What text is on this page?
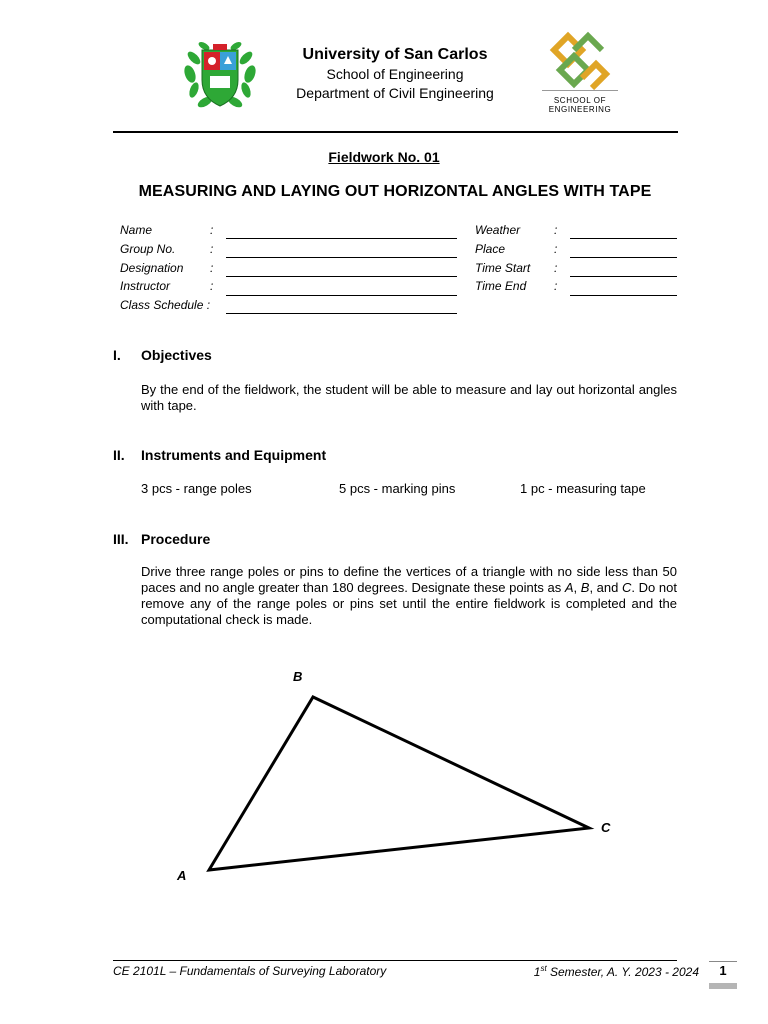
University of San Carlos
School of Engineering
Department of Civil Engineering	SCHOOL OF
ENGINEERING
Fieldwork No. 01
MEASURING AND LAYING OUT HORIZONTAL ANGLES WITH TAPE
Name	:
Group No.	:
Designation :
Instructor	:
Class Schedule :
Weather	:
Place	:
Time Start :
Time End :
I. Objectives
By the end of the fieldwork, the student will be able to measure and lay out horizontal angles with tape.
II. Instruments and Equipment
3 pcs - range poles	5 pcs - marking pins	1 pc - measuring tape
III. Procedure
Drive three range poles or pins to define the vertices of a triangle with no side less than 50 paces and no angle greater than 180 degrees. Designate these points as A, B, and C. Do not remove any of the range poles or pins set until the entire fieldwork is completed and the computational check is made.
B
C
A
CE 2101L – Fundamentals of Surveying Laboratory	1st Semester, A. Y. 2023 - 2024	1
